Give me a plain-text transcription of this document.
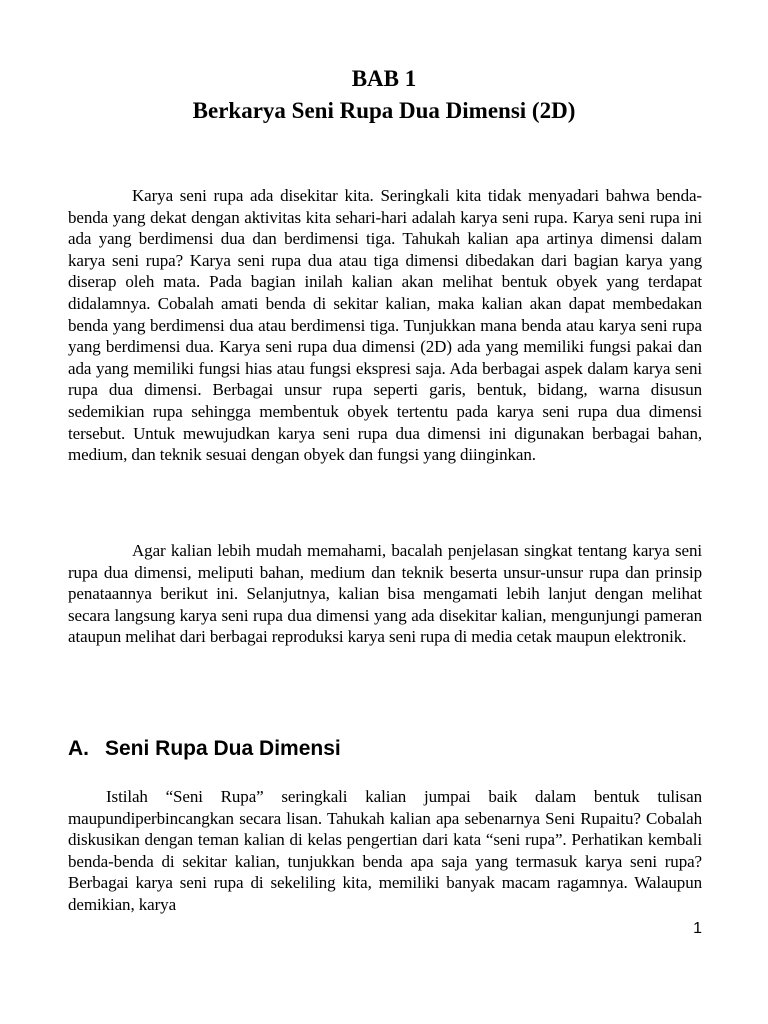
BAB 1
Berkarya Seni Rupa Dua Dimensi (2D)

Karya seni rupa ada disekitar kita. Seringkali kita tidak menyadari bahwa benda-benda yang dekat dengan aktivitas kita sehari-hari adalah karya seni rupa. Karya seni rupa ini ada yang berdimensi dua dan berdimensi tiga. Tahukah kalian apa artinya dimensi dalam karya seni rupa? Karya seni rupa dua atau tiga dimensi dibedakan dari bagian karya yang diserap oleh mata. Pada bagian inilah kalian akan melihat bentuk obyek yang terdapat didalamnya. Cobalah amati benda di sekitar kalian, maka kalian akan dapat membedakan benda yang berdimensi dua atau berdimensi tiga. Tunjukkan mana benda atau karya seni rupa yang berdimensi dua. Karya seni rupa dua dimensi (2D) ada yang memiliki fungsi pakai dan ada yang memiliki fungsi hias atau fungsi ekspresi saja. Ada berbagai aspek dalam karya seni rupa dua dimensi. Berbagai unsur rupa seperti garis, bentuk, bidang, warna disusun sedemikian rupa sehingga membentuk obyek tertentu pada karya seni rupa dua dimensi tersebut. Untuk mewujudkan karya seni rupa dua dimensi ini digunakan berbagai bahan, medium, dan teknik sesuai dengan obyek dan fungsi yang diinginkan.

Agar kalian lebih mudah memahami, bacalah penjelasan singkat tentang karya seni rupa dua dimensi, meliputi bahan, medium dan teknik beserta unsur-unsur rupa dan prinsip penataannya berikut ini. Selanjutnya, kalian bisa mengamati lebih lanjut dengan melihat secara langsung karya seni rupa dua dimensi yang ada disekitar kalian, mengunjungi pameran ataupun melihat dari berbagai reproduksi karya seni rupa di media cetak maupun elektronik.

A. Seni Rupa Dua Dimensi

Istilah “Seni Rupa” seringkali kalian jumpai baik dalam bentuk tulisan maupundiperbincangkan secara lisan. Tahukah kalian apa sebenarnya Seni Rupaitu? Cobalah diskusikan dengan teman kalian di kelas pengertian dari kata “seni rupa”. Perhatikan kembali benda-benda di sekitar kalian, tunjukkan benda apa saja yang termasuk karya seni rupa? Berbagai karya seni rupa di sekeliling kita, memiliki banyak macam ragamnya. Walaupun demikian, karya

1
